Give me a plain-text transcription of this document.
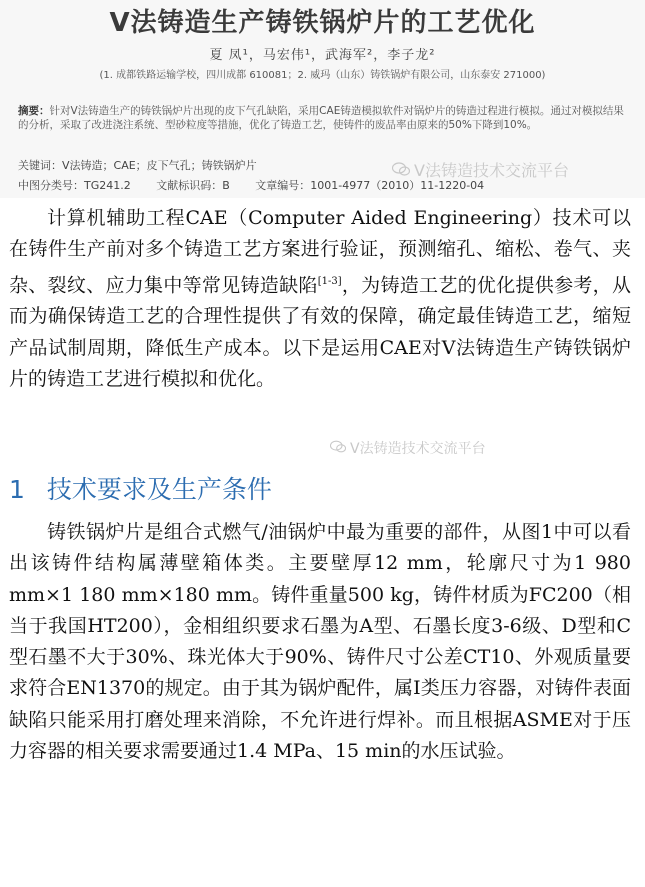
V法铸造生产铸铁锅炉片的工艺优化
夏 凤¹，马宏伟¹，武海军²，李子龙²
(1. 成都铁路运输学校，四川成都 610081；2. 威玛（山东）铸铁锅炉有限公司，山东泰安 271000)
摘要：针对V法铸造生产的铸铁锅炉片出现的皮下气孔缺陷，采用CAE铸造模拟软件对锅炉片的铸造过程进行模拟。通过对模拟结果的分析，采取了改进浇注系统、型砂粒度等措施，优化了铸造工艺，使铸件的废品率由原来的50%下降到10%。
关键词：V法铸造；CAE；皮下气孔；铸铁锅炉片
中图分类号：TG241.2 文献标识码：B 文章编号：1001-4977（2010）11-1220-04
V法铸造技术交流平台
计算机辅助工程CAE（Computer Aided Engineering）技术可以在铸件生产前对多个铸造工艺方案进行验证，预测缩孔、缩松、卷气、夹杂、裂纹、应力集中等常见铸造缺陷[1-3]，为铸造工艺的优化提供参考，从而为确保铸造工艺的合理性提供了有效的保障，确定最佳铸造工艺，缩短产品试制周期，降低生产成本。以下是运用CAE对V法铸造生产铸铁锅炉片的铸造工艺进行模拟和优化。
V法铸造技术交流平台
1 技术要求及生产条件
铸铁锅炉片是组合式燃气/油锅炉中最为重要的部件，从图1中可以看出该铸件结构属薄壁箱体类。主要壁厚12 mm，轮廓尺寸为1 980 mm×1 180 mm×180 mm。铸件重量500 kg，铸件材质为FC200（相当于我国HT200），金相组织要求石墨为A型、石墨长度3-6级、D型和C型石墨不大于30%、珠光体大于90%、铸件尺寸公差CT10、外观质量要求符合EN1370的规定。由于其为锅炉配件，属Ⅰ类压力容器，对铸件表面缺陷只能采用打磨处理来消除，不允许进行焊补。而且根据ASME对于压力容器的相关要求需要通过1.4 MPa、15 min的水压试验。
